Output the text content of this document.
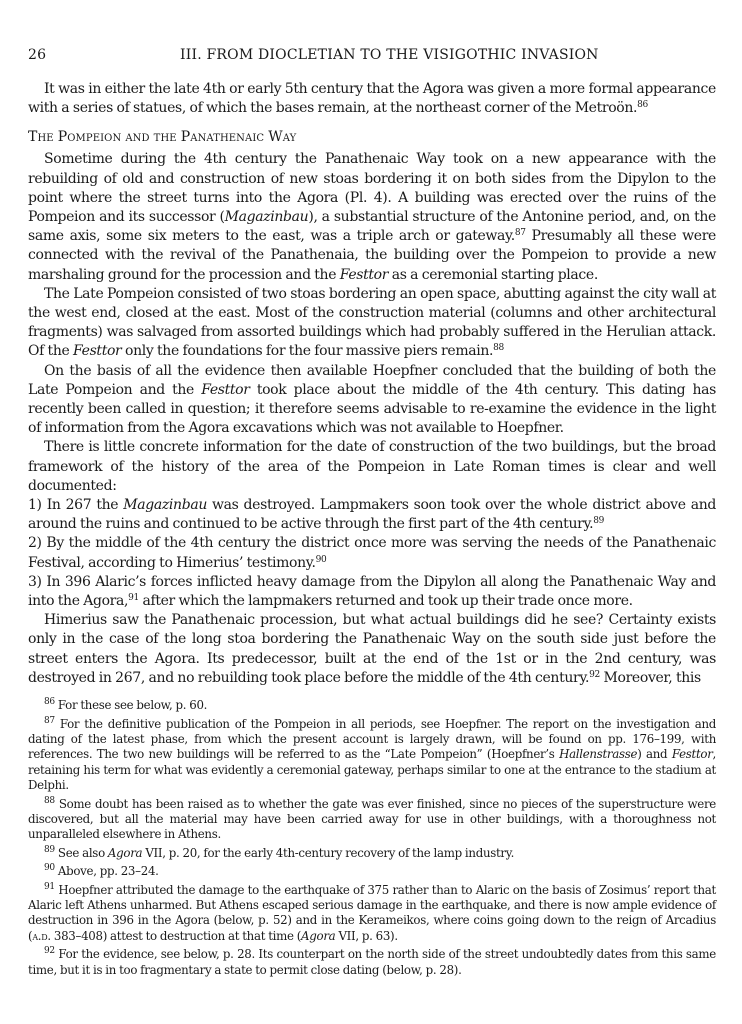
26	III. FROM DIOCLETIAN TO THE VISIGOTHIC INVASION

It was in either the late 4th or early 5th century that the Agora was given a more formal appearance with a series of statues, of which the bases remain, at the northeast corner of the Metroön.$^{86}$

The Pompeion and the Panathenaic Way

Sometime during the 4th century the Panathenaic Way took on a new appearance with the rebuilding of old and construction of new stoas bordering it on both sides from the Dipylon to the point where the street turns into the Agora (Pl. 4). A building was erected over the ruins of the Pompeion and its successor (Magazinbau), a substantial structure of the Antonine period, and, on the same axis, some six meters to the east, was a triple arch or gateway.$^{87}$ Presumably all these were connected with the revival of the Panathenaia, the building over the Pompeion to provide a new marshaling ground for the procession and the Festtor as a ceremonial starting place.

The Late Pompeion consisted of two stoas bordering an open space, abutting against the city wall at the west end, closed at the east. Most of the construction material (columns and other architectural fragments) was salvaged from assorted buildings which had probably suffered in the Herulian attack. Of the Festtor only the foundations for the four massive piers remain.$^{88}$

On the basis of all the evidence then available Hoepfner concluded that the building of both the Late Pompeion and the Festtor took place about the middle of the 4th century. This dating has recently been called in question; it therefore seems advisable to re-examine the evidence in the light of information from the Agora excavations which was not available to Hoepfner.

There is little concrete information for the date of construction of the two buildings, but the broad framework of the history of the area of the Pompeion in Late Roman times is clear and well documented:

1) In 267 the Magazinbau was destroyed. Lampmakers soon took over the whole district above and around the ruins and continued to be active through the first part of the 4th century.$^{89}$

2) By the middle of the 4th century the district once more was serving the needs of the Panathenaic Festival, according to Himerius’ testimony.$^{90}$

3) In 396 Alaric’s forces inflicted heavy damage from the Dipylon all along the Panathenaic Way and into the Agora,$^{91}$ after which the lampmakers returned and took up their trade once more.

Himerius saw the Panathenaic procession, but what actual buildings did he see? Certainty exists only in the case of the long stoa bordering the Panathenaic Way on the south side just before the street enters the Agora. Its predecessor, built at the end of the 1st or in the 2nd century, was destroyed in 267, and no rebuilding took place before the middle of the 4th century.$^{92}$ Moreover, this

$^{86}$ For these see below, p. 60.

$^{87}$ For the definitive publication of the Pompeion in all periods, see Hoepfner. The report on the investigation and dating of the latest phase, from which the present account is largely drawn, will be found on pp. 176–199, with references. The two new buildings will be referred to as the “Late Pompeion” (Hoepfner’s Hallenstrasse) and Festtor, retaining his term for what was evidently a ceremonial gateway, perhaps similar to one at the entrance to the stadium at Delphi.

$^{88}$ Some doubt has been raised as to whether the gate was ever finished, since no pieces of the superstructure were discovered, but all the material may have been carried away for use in other buildings, with a thoroughness not unparalleled elsewhere in Athens.

$^{89}$ See also Agora VII, p. 20, for the early 4th-century recovery of the lamp industry.

$^{90}$ Above, pp. 23–24.

$^{91}$ Hoepfner attributed the damage to the earthquake of 375 rather than to Alaric on the basis of Zosimus’ report that Alaric left Athens unharmed. But Athens escaped serious damage in the earthquake, and there is now ample evidence of destruction in 396 in the Agora (below, p. 52) and in the Kerameikos, where coins going down to the reign of Arcadius (a.d. 383–408) attest to destruction at that time (Agora VII, p. 63).

$^{92}$ For the evidence, see below, p. 28. Its counterpart on the north side of the street undoubtedly dates from this same time, but it is in too fragmentary a state to permit close dating (below, p. 28).
